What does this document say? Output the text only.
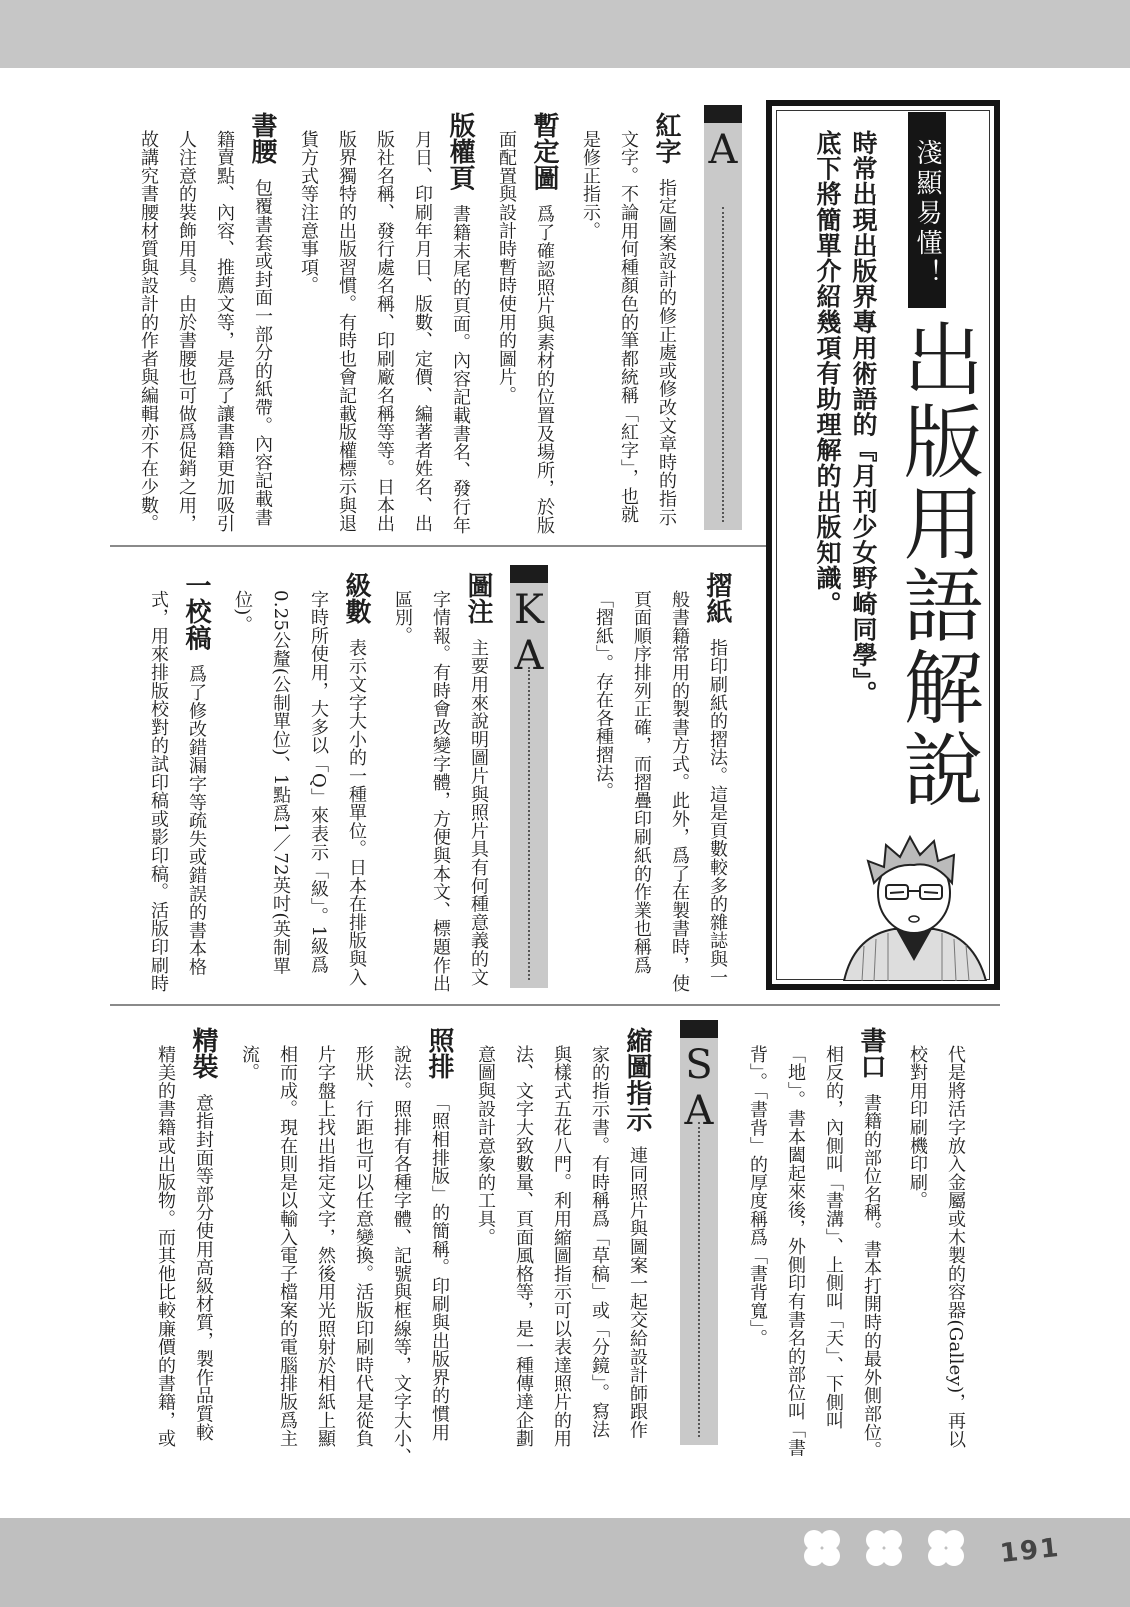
淺顯易懂！
出版用語解說
時常出現出版界專用術語的『月刊少女野崎同學』。
底下將簡單介紹幾項有助理解的出版知識。
A
紅字指定圖案設計的修正處或修改文章時的指示
文字。不論用何種顏色的筆都統稱「紅字」，也就
是修正指示。
暫定圖爲了確認照片與素材的位置及場所，於版
面配置與設計時暫時使用的圖片。
版權頁書籍末尾的頁面。內容記載書名、發行年
月日、印刷年月日、版數、定價、編著者姓名、出
版社名稱、發行處名稱、印刷廠名稱等等。日本出
版界獨特的出版習慣。有時也會記載版權標示與退
貨方式等注意事項。
書腰包覆書套或封面一部分的紙帶。內容記載書
籍賣點、內容、推薦文等，是爲了讓書籍更加吸引
人注意的裝飾用具。由於書腰也可做爲促銷之用，
故講究書腰材質與設計的作者與編輯亦不在少數。
摺紙指印刷紙的摺法。這是頁數較多的雜誌與一
般書籍常用的製書方式。此外，爲了在製書時，使
頁面順序排列正確，而摺疊印刷紙的作業也稱爲
「摺紙」。存在各種摺法。
KA
圖注主要用來說明圖片與照片具有何種意義的文
字情報。有時會改變字體，方便與本文、標題作出
區別。
級數表示文字大小的一種單位。日本在排版與入
字時所使用，大多以「Q」來表示「級」。1級爲
0.25公釐(公制單位)、1點爲1／72英吋(英制單
位)。
一校稿爲了修改錯漏字等疏失或錯誤的書本格
式，用來排版校對的試印稿或影印稿。活版印刷時
代是將活字放入金屬或木製的容器(Galley)，再以
校對用印刷機印刷。
書口書籍的部位名稱。書本打開時的最外側部位。
相反的，內側叫「書溝」、上側叫「天」、下側叫
「地」。書本闔起來後，外側印有書名的部位叫「書
背」。「書背」的厚度稱爲「書背寬」。
SA
縮圖指示連同照片與圖案一起交給設計師跟作
家的指示書。有時稱爲「草稿」或「分鏡」。寫法
與樣式五花八門。利用縮圖指示可以表達照片的用
法、文字大致數量、頁面風格等，是一種傳達企劃
意圖與設計意象的工具。
照排「照相排版」的簡稱。印刷與出版界的慣用
說法。照排有各種字體、記號與框線等，文字大小、
形狀、行距也可以任意變換。活版印刷時代是從負
片字盤上找出指定文字，然後用光照射於相紙上顯
相而成。現在則是以輸入電子檔案的電腦排版爲主
流。
精裝意指封面等部分使用高級材質，製作品質較
精美的書籍或出版物。而其他比較廉價的書籍，或
191
